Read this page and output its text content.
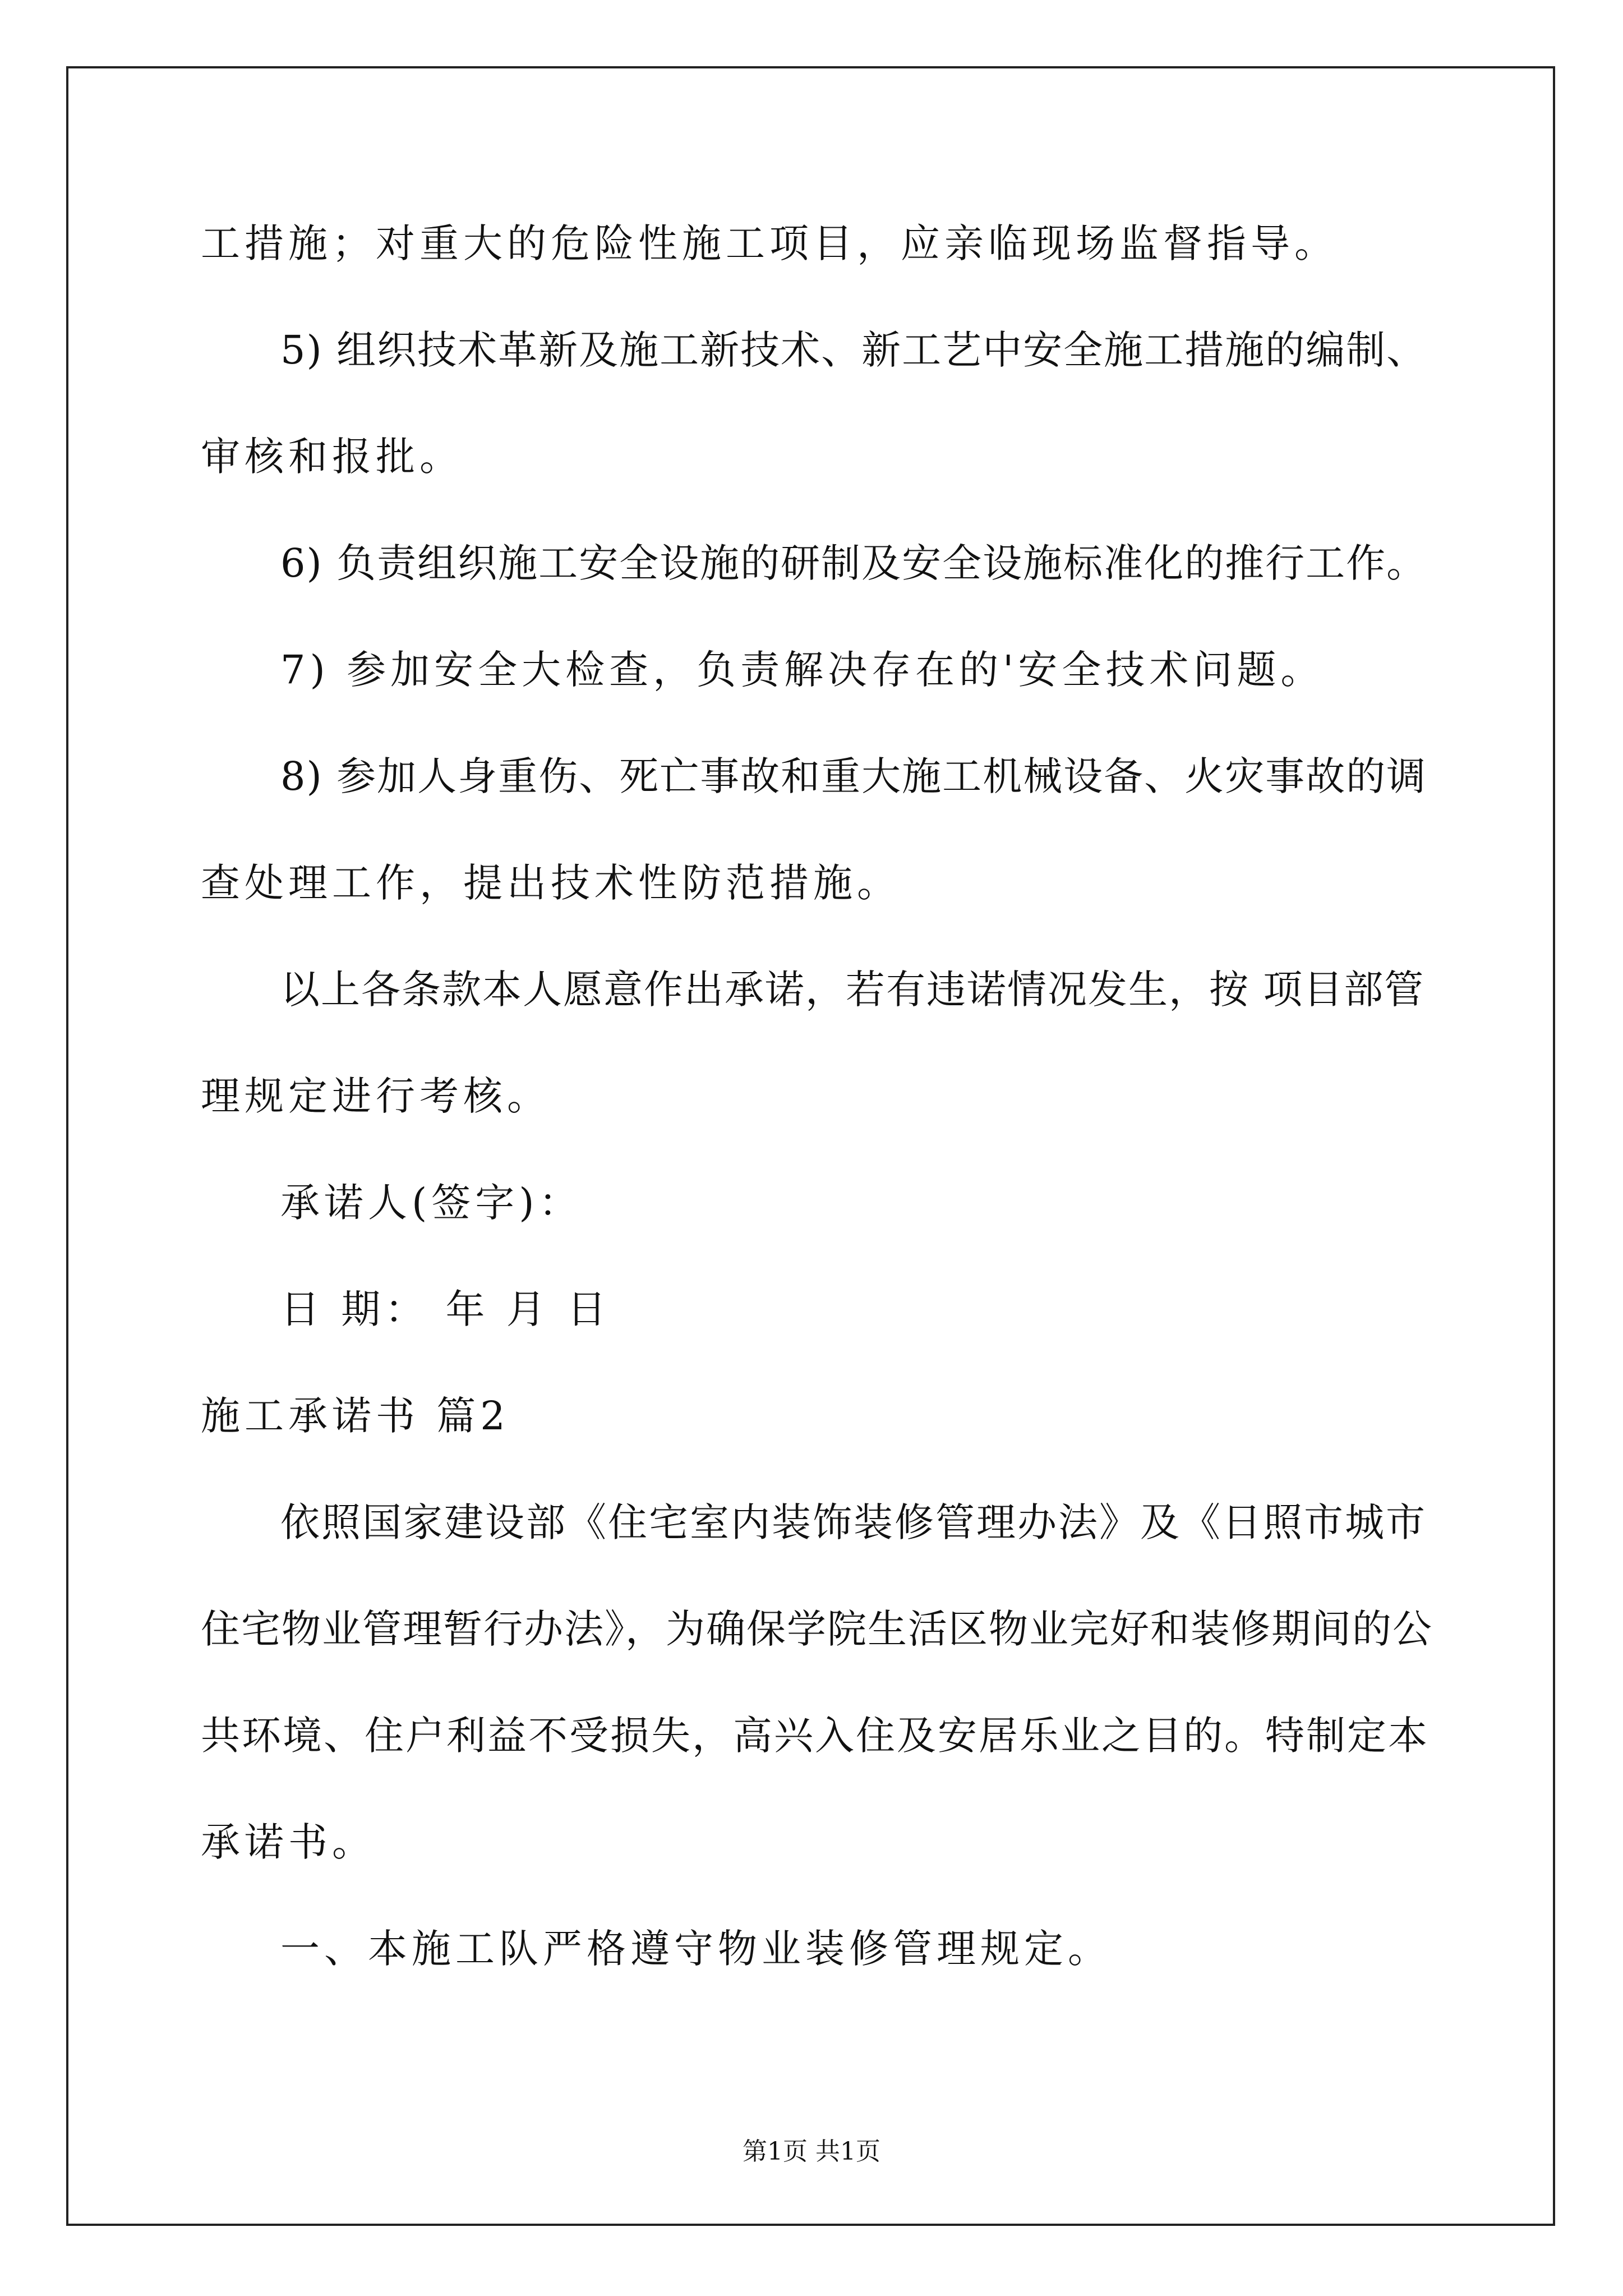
工措施；对重大的危险性施工项目，应亲临现场监督指导。
5) 组织技术革新及施工新技术、新工艺中安全施工措施的编制、
审核和报批。
6) 负责组织施工安全设施的研制及安全设施标准化的推行工作。
7) 参加安全大检查，负责解决存在的'安全技术问题。
8) 参加人身重伤、死亡事故和重大施工机械设备、火灾事故的调
查处理工作，提出技术性防范措施。
以上各条款本人愿意作出承诺，若有违诺情况发生，按 项目部管
理规定进行考核。
承诺人(签字)：
日 期： 年 月 日
施工承诺书 篇2
依照国家建设部《住宅室内装饰装修管理办法》及《日照市城市
住宅物业管理暂行办法》，为确保学院生活区物业完好和装修期间的公
共环境、住户利益不受损失，高兴入住及安居乐业之目的。特制定本
承诺书。
一、本施工队严格遵守物业装修管理规定。
第1页 共1页
